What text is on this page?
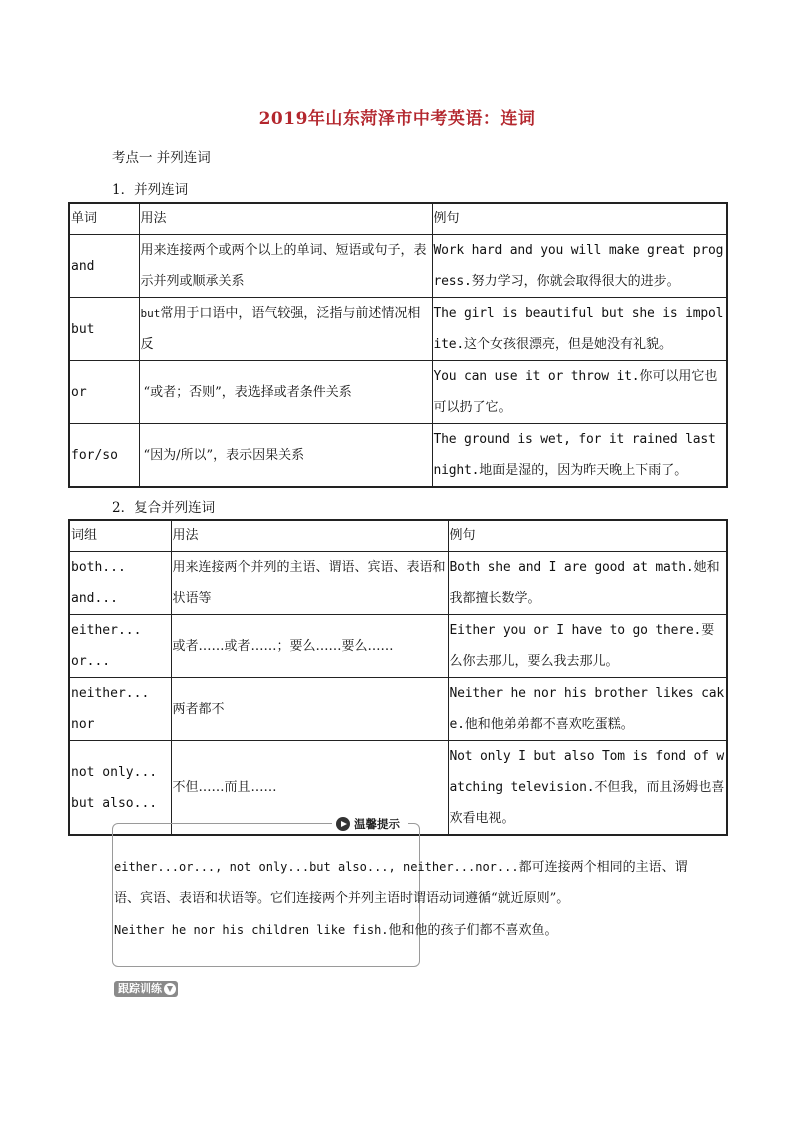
2019年山东菏泽市中考英语：连词
考点一 并列连词
1．并列连词
单词	用法	例句
and	用来连接两个或两个以上的单词、短语或句子，表示并列或顺承关系	Work hard and you will make great progress.努力学习，你就会取得很大的进步。
but	but常用于口语中，语气较强，泛指与前述情况相反	The girl is beautiful but she is impolite.这个女孩很漂亮，但是她没有礼貌。
or	“或者；否则”，表选择或者条件关系	You can use it or throw it.你可以用它也可以扔了它。
for/so	“因为/所以”，表示因果关系	The ground is wet, for it rained last night.地面是湿的，因为昨天晚上下雨了。
2．复合并列连词
词组	用法	例句

both...
and...	用来连接两个并列的主语、谓语、宾语、表语和状语等	Both she and I are good at math.她和我都擅长数学。

either...
or...	或者……或者……；要么……要么……	Either you or I have to go there.要么你去那儿，要么我去那儿。

neither...
nor	两者都不	Neither he nor his brother likes cake.他和他弟弟都不喜欢吃蛋糕。

not only...
but also...	不但……而且……	Not only I but also Tom is fond of watching television.不但我，而且汤姆也喜欢看电视。
温馨提示
either...or..., not only...but also..., neither...nor...都可连接两个相同的主语、谓
语、宾语、表语和状语等。它们连接两个并列主语时谓语动词遵循“就近原则”。
Neither he nor his children like fish.他和他的孩子们都不喜欢鱼。
跟踪训练
